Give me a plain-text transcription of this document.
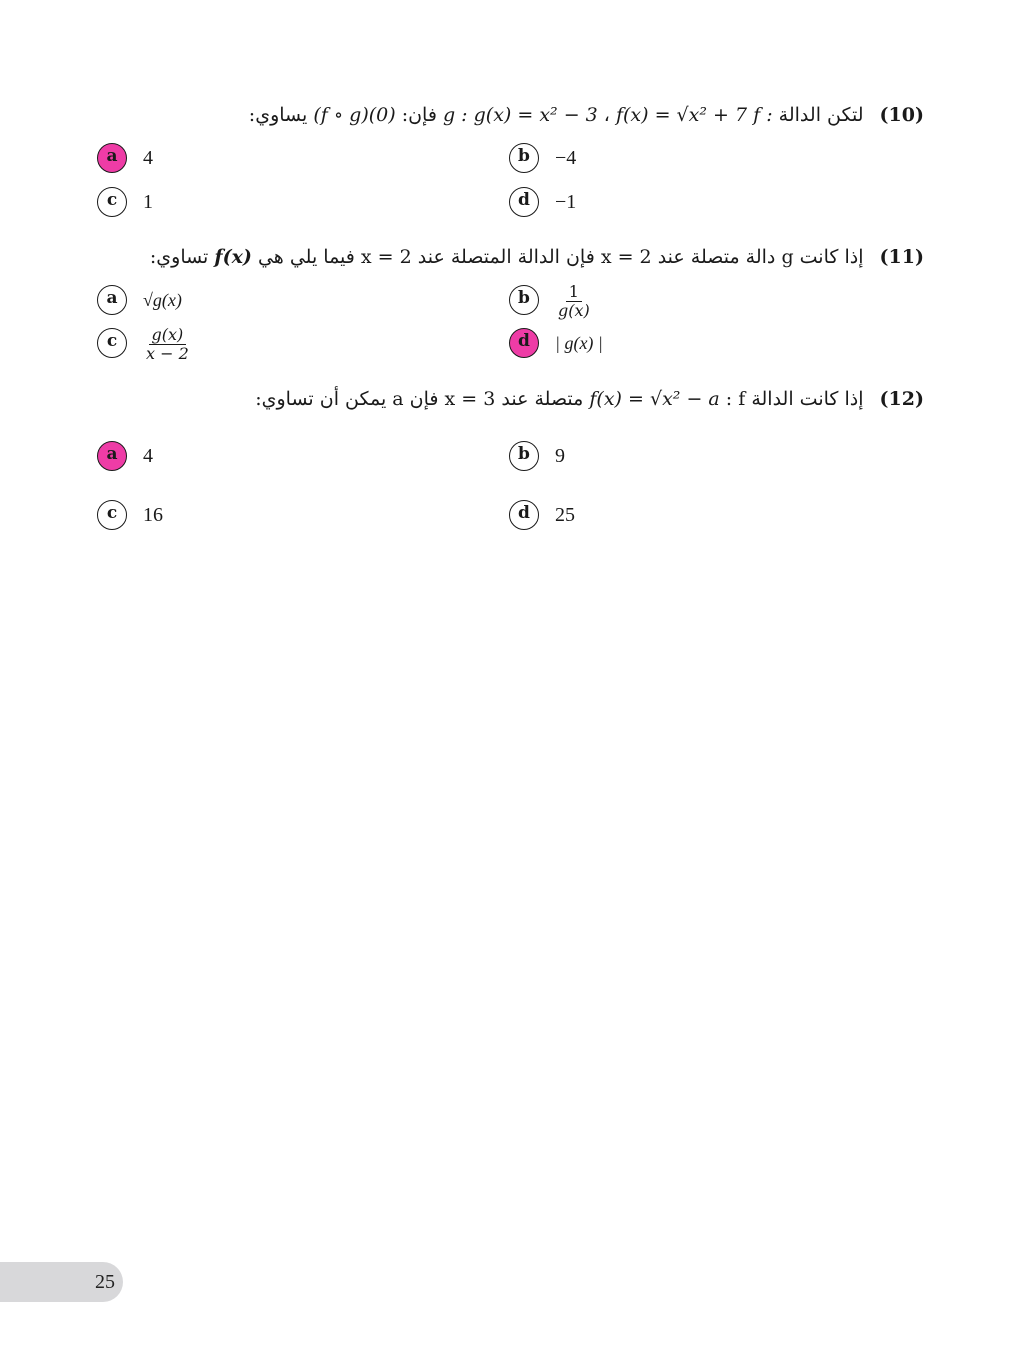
(10) لتكن الدالة f : f(x) = √x² + 7 ، g : g(x) = x² − 3 فإن: (f ∘ g)(0) يساوي:
a	4	b	−4
c	1	d	−1
(11) إذا كانت g دالة متصلة عند x = 2 فإن الدالة المتصلة عند x = 2 فيما يلي هي f(x) تساوي:
a	√g(x)	b	$\frac{1}{g(x)}$
c	$\frac{g(x)}{x - 2}$	d	| g(x) |
(12) إذا كانت الدالة f : f(x) = √x² − a متصلة عند x = 3 فإن a يمكن أن تساوي:
a	4	b	9
c	16	d	25
25
